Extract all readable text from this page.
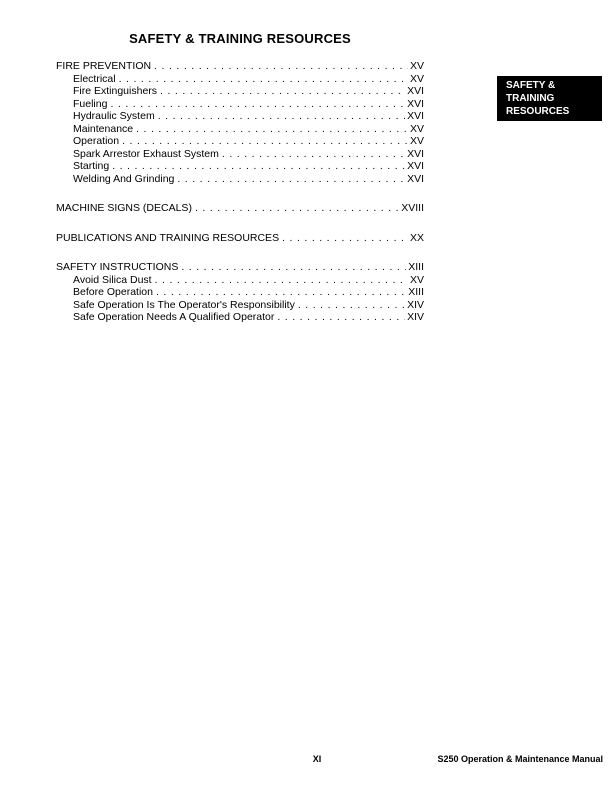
SAFETY & TRAINING RESOURCES
FIRE PREVENTION . . .	XV
Electrical . . .	XV
Fire Extinguishers . . .	XVI
Fueling . . .	XVI
Hydraulic System . . .	XVI
Maintenance . . .	XV
Operation . . .	XV
Spark Arrestor Exhaust System . . .	XVI
Starting . . .	XVI
Welding And Grinding . . .	XVI
MACHINE SIGNS (DECALS) . . .	XVIII
PUBLICATIONS AND TRAINING RESOURCES . . .	XX
SAFETY INSTRUCTIONS . . .	XIII
Avoid Silica Dust . . .	XV
Before Operation . . .	XIII
Safe Operation Is The Operator's Responsibility . . .	XIV
Safe Operation Needs A Qualified Operator . . .	XIV
SAFETY &
TRAINING
RESOURCES
XI	S250 Operation & Maintenance Manual
